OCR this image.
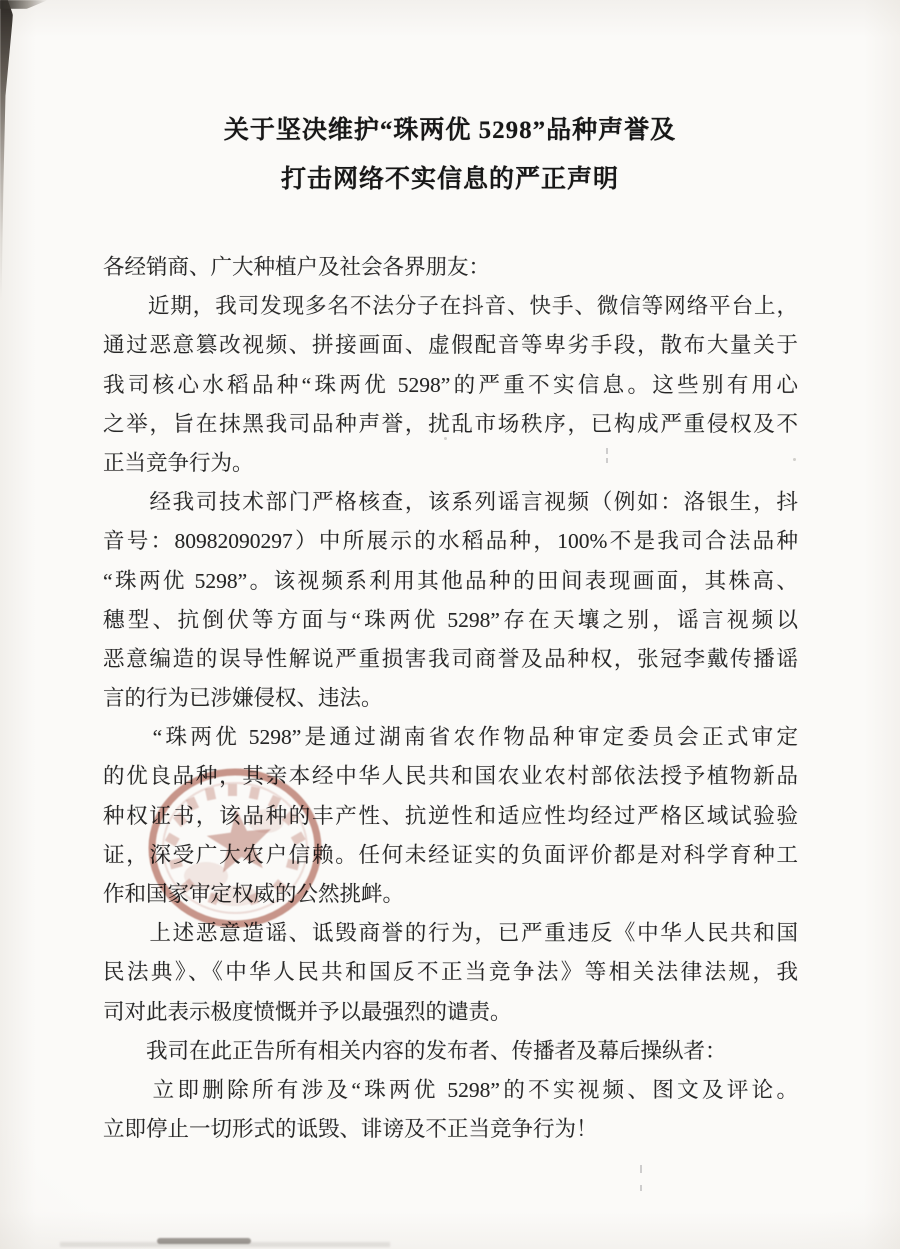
关于坚决维护“珠两优 5298”品种声誉及
打击网络不实信息的严正声明
各经销商、广大种植户及社会各界朋友：
　　近期，我司发现多名不法分子在抖音、快手、微信等网络平台上，
通过恶意篡改视频、拼接画面、虚假配音等卑劣手段，散布大量关于
我司核心水稻品种“珠两优 5298”的严重不实信息。这些别有用心
之举，旨在抹黑我司品种声誉，扰乱市场秩序，已构成严重侵权及不
正当竞争行为。
　　经我司技术部门严格核查，该系列谣言视频（例如：洛银生，抖
音号：80982090297）中所展示的水稻品种，100%不是我司合法品种
“珠两优 5298”。该视频系利用其他品种的田间表现画面，其株高、
穗型、抗倒伏等方面与“珠两优 5298”存在天壤之别，谣言视频以
恶意编造的误导性解说严重损害我司商誉及品种权，张冠李戴传播谣
言的行为已涉嫌侵权、违法。
　　“珠两优 5298”是通过湖南省农作物品种审定委员会正式审定
的优良品种，其亲本经中华人民共和国农业农村部依法授予植物新品
种权证书，该品种的丰产性、抗逆性和适应性均经过严格区域试验验
证，深受广大农户信赖。任何未经证实的负面评价都是对科学育种工
作和国家审定权威的公然挑衅。
　　上述恶意造谣、诋毁商誉的行为，已严重违反《中华人民共和国
民法典》、《中华人民共和国反不正当竞争法》等相关法律法规，我
司对此表示极度愤慨并予以最强烈的谴责。
　　我司在此正告所有相关内容的发布者、传播者及幕后操纵者：
　　立即删除所有涉及“珠两优 5298”的不实视频、图文及评论。
立即停止一切形式的诋毁、诽谤及不正当竞争行为！
